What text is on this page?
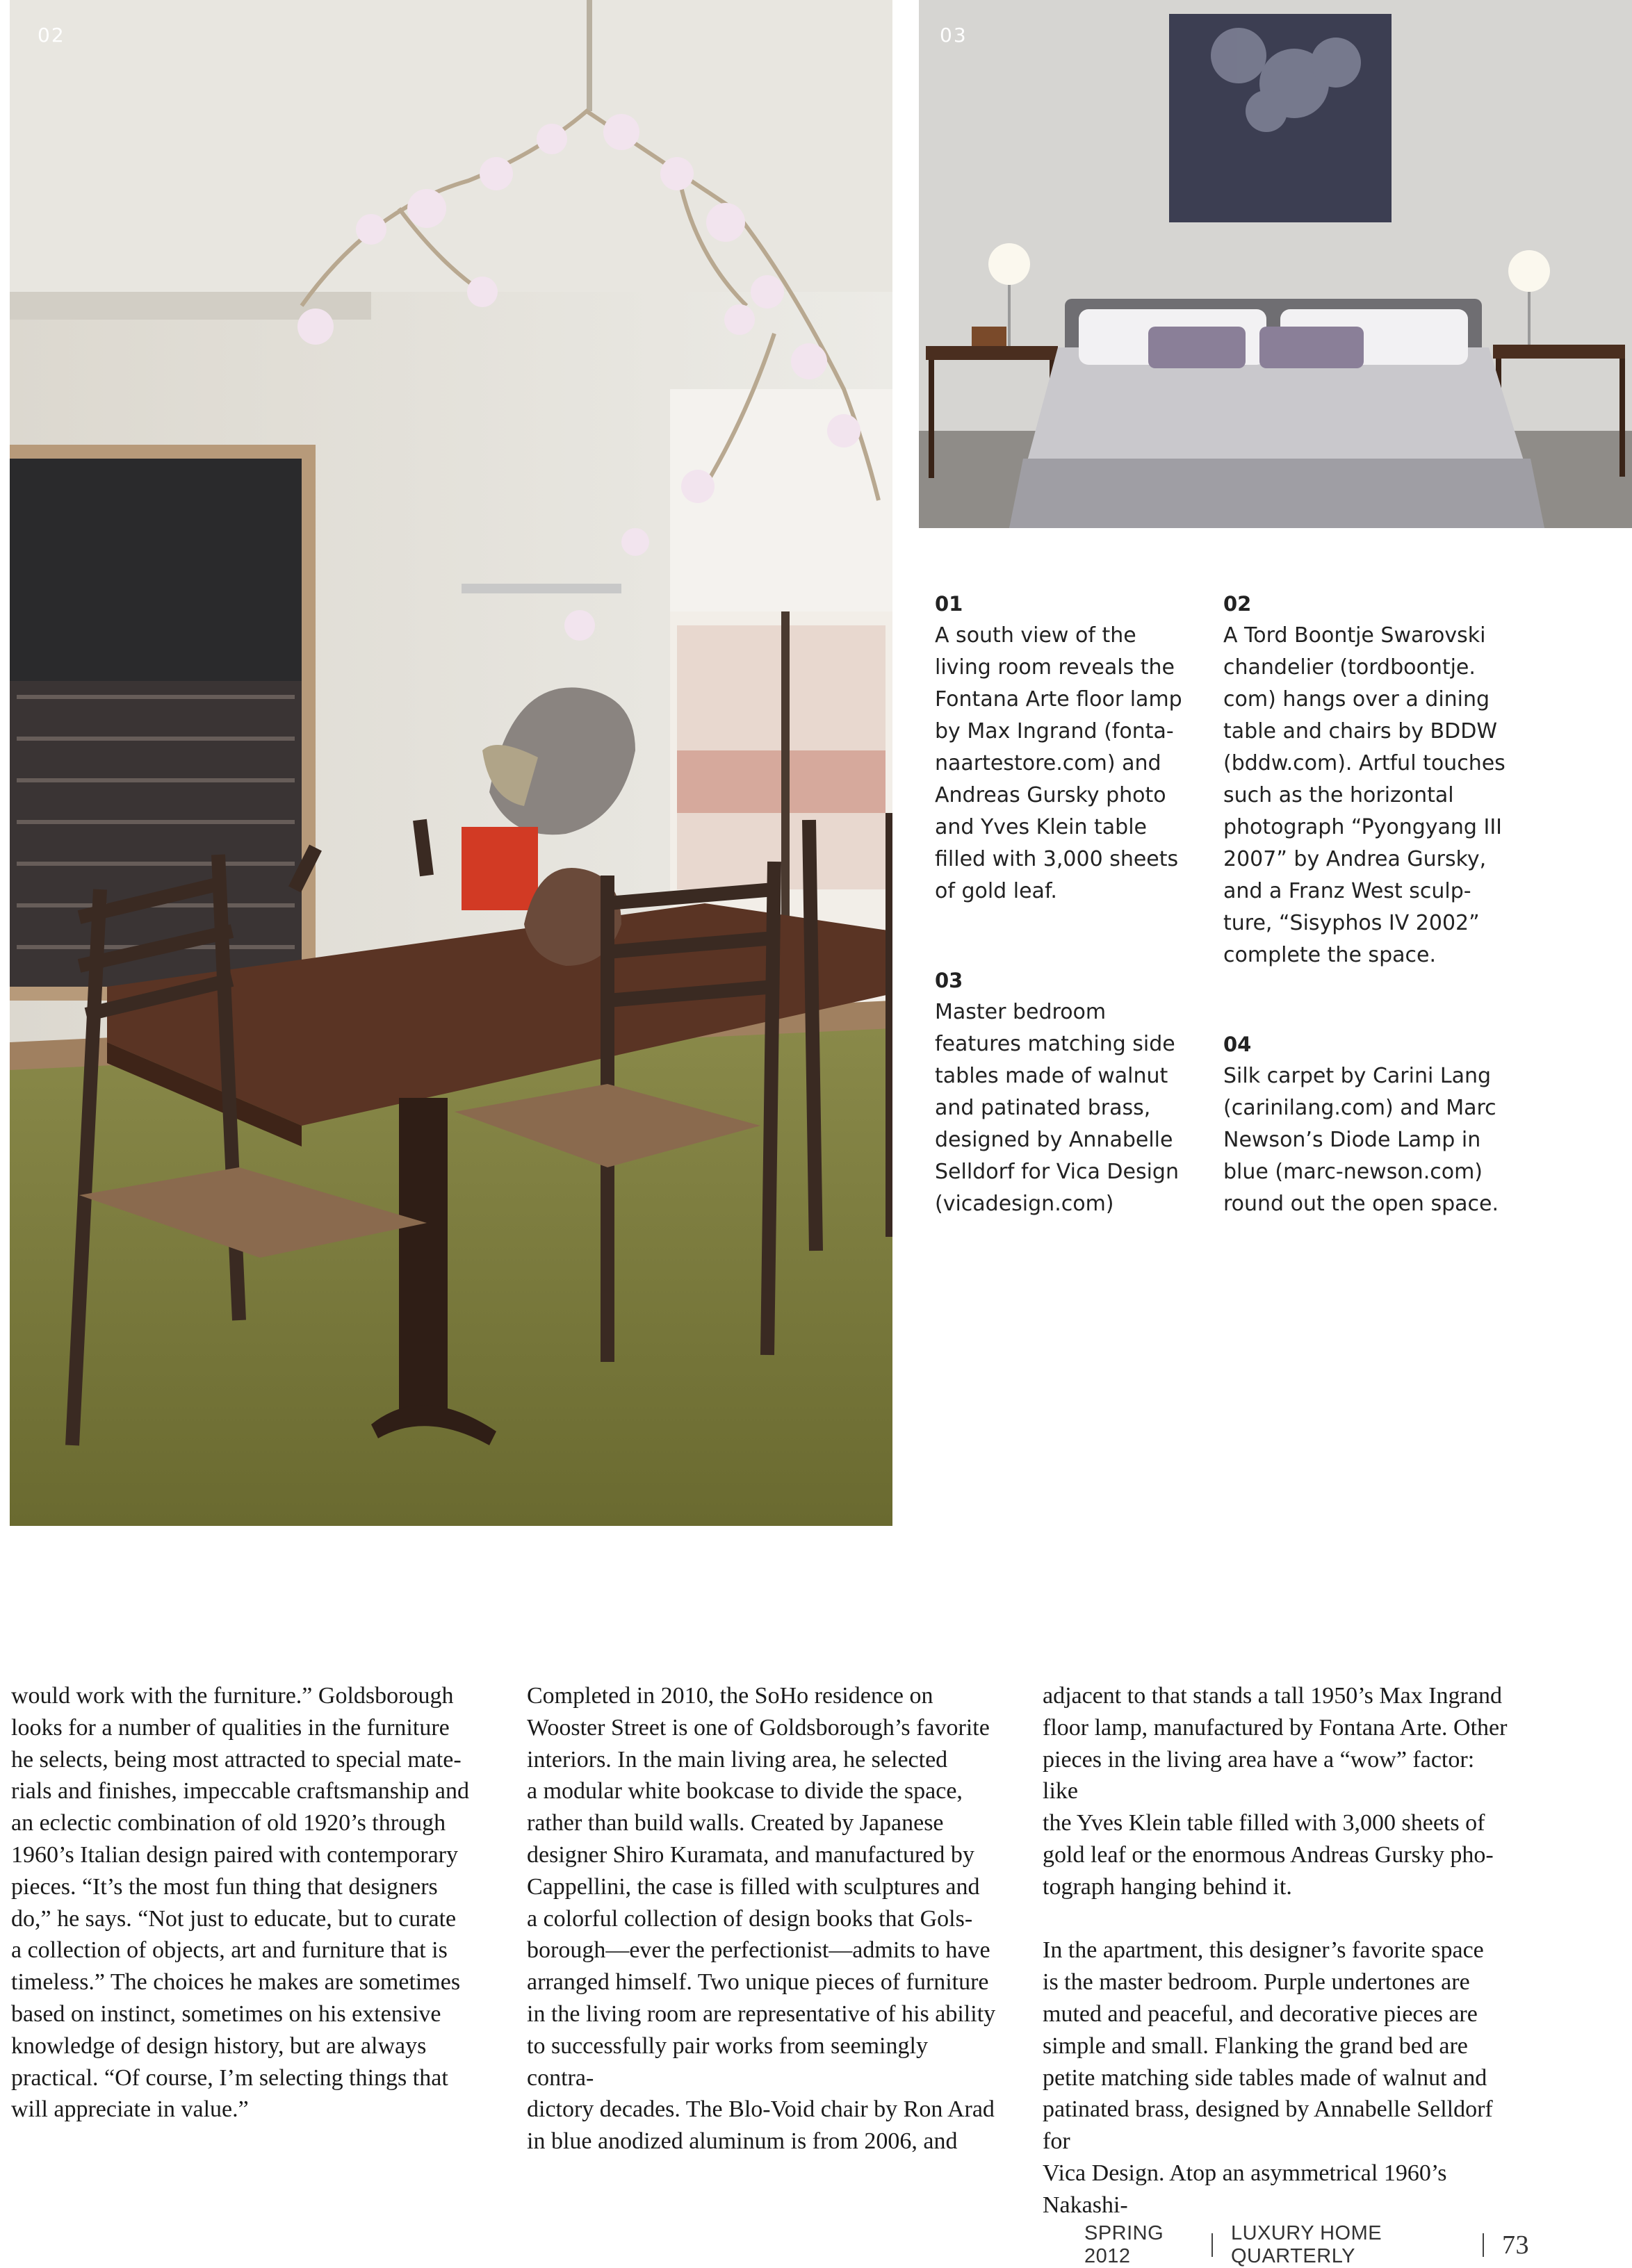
02	03
01

A south view of the
living room reveals the
Fontana Arte floor lamp
by Max Ingrand (fonta-
naartestore.com) and
Andreas Gursky photo
and Yves Klein table
filled with 3,000 sheets
of gold leaf.

02

A Tord Boontje Swarovski
chandelier (tordboontje.
com) hangs over a dining
table and chairs by BDDW
(bddw.com). Artful touches
such as the horizontal
photograph “Pyongyang III
2007” by Andrea Gursky,
and a Franz West sculp-
ture, “Sisyphos IV 2002”
complete the space.

03

Master bedroom
features matching side
tables made of walnut
and patinated brass,
designed by Annabelle
Selldorf for Vica Design
(vicadesign.com)

04

Silk carpet by Carini Lang
(carinilang.com) and Marc
Newson’s Diode Lamp in
blue (marc-newson.com)
round out the open space.

would work with the furniture.” Goldsborough
looks for a number of qualities in the furniture
he selects, being most attracted to special mate-
rials and finishes, impeccable craftsmanship and
an eclectic combination of old 1920’s through
1960’s Italian design paired with contemporary
pieces. “It’s the most fun thing that designers
do,” he says. “Not just to educate, but to curate
a collection of objects, art and furniture that is
timeless.” The choices he makes are sometimes
based on instinct, sometimes on his extensive
knowledge of design history, but are always
practical. “Of course, I’m selecting things that
will appreciate in value.”

Completed in 2010, the SoHo residence on
Wooster Street is one of Goldsborough’s favorite
interiors. In the main living area, he selected
a modular white bookcase to divide the space,
rather than build walls. Created by Japanese
designer Shiro Kuramata, and manufactured by
Cappellini, the case is filled with sculptures and
a colorful collection of design books that Gols-
borough—ever the perfectionist—admits to have
arranged himself. Two unique pieces of furniture
in the living room are representative of his ability
to successfully pair works from seemingly contra-
dictory decades. The Blo-Void chair by Ron Arad
in blue anodized aluminum is from 2006, and

adjacent to that stands a tall 1950’s Max Ingrand
floor lamp, manufactured by Fontana Arte. Other
pieces in the living area have a “wow” factor: like
the Yves Klein table filled with 3,000 sheets of
gold leaf or the enormous Andreas Gursky pho-
tograph hanging behind it.

In the apartment, this designer’s favorite space
is the master bedroom. Purple undertones are
muted and peaceful, and decorative pieces are
simple and small. Flanking the grand bed are
petite matching side tables made of walnut and
patinated brass, designed by Annabelle Selldorf for
Vica Design. Atop an asymmetrical 1960’s Nakashi-

SPRING 2012
LUXURY HOME QUARTERLY	73
